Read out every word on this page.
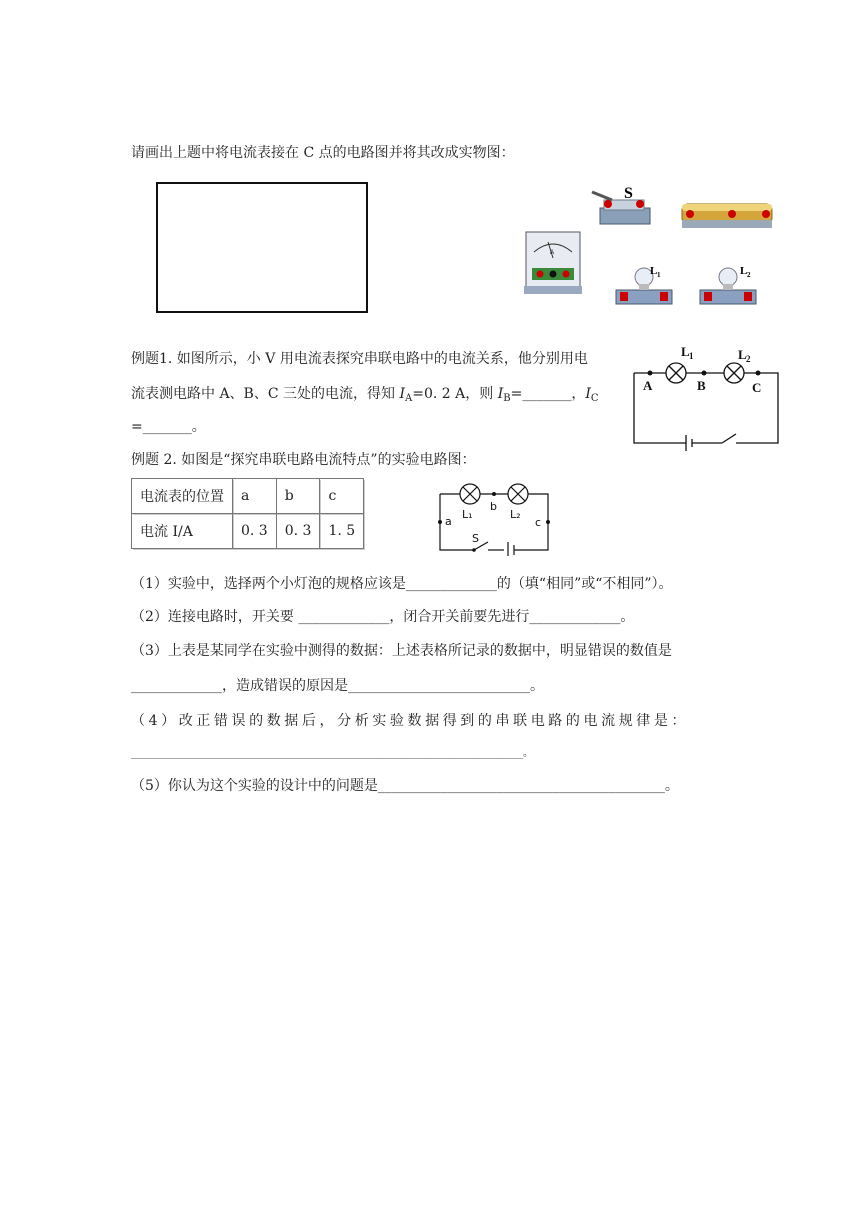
请画出上题中将电流表接在 C 点的电路图并将其改成实物图：
S
A
L 1	L 2
例题1. 如图所示，小 V 用电流表探究串联电路中的电流关系，他分别用电
流表测电路中 A、B、C 三处的电流，得知 $I_A=0$. 2 A，则 $I_B=\_\_\_\_\_\_\_$，$I_C$
=_______。
A	B	C
L 1	L 2
例题 2. 如图是“探究串联电路电流特点”的实验电路图：
电流表的位置	a	b	c
电流 I/A	0. 3	0. 3	1. 5
a
b
c
L₁	L₂
S
（1）实验中，选择两个小灯泡的规格应该是_____________的（填“相同”或“不相同”）。
（2）连接电路时，开关要 _____________，闭合开关前要先进行_____________。
（3）上表是某同学在实验中测得的数据：上述表格所记录的数据中，明显错误的数值是
_____________，造成错误的原因是__________________________。
（4）改正错误的数据后，分析实验数据得到的串联电路的电流规律是：
________________________________________________________________________________。
（5）你认为这个实验的设计中的问题是_________________________________________。
